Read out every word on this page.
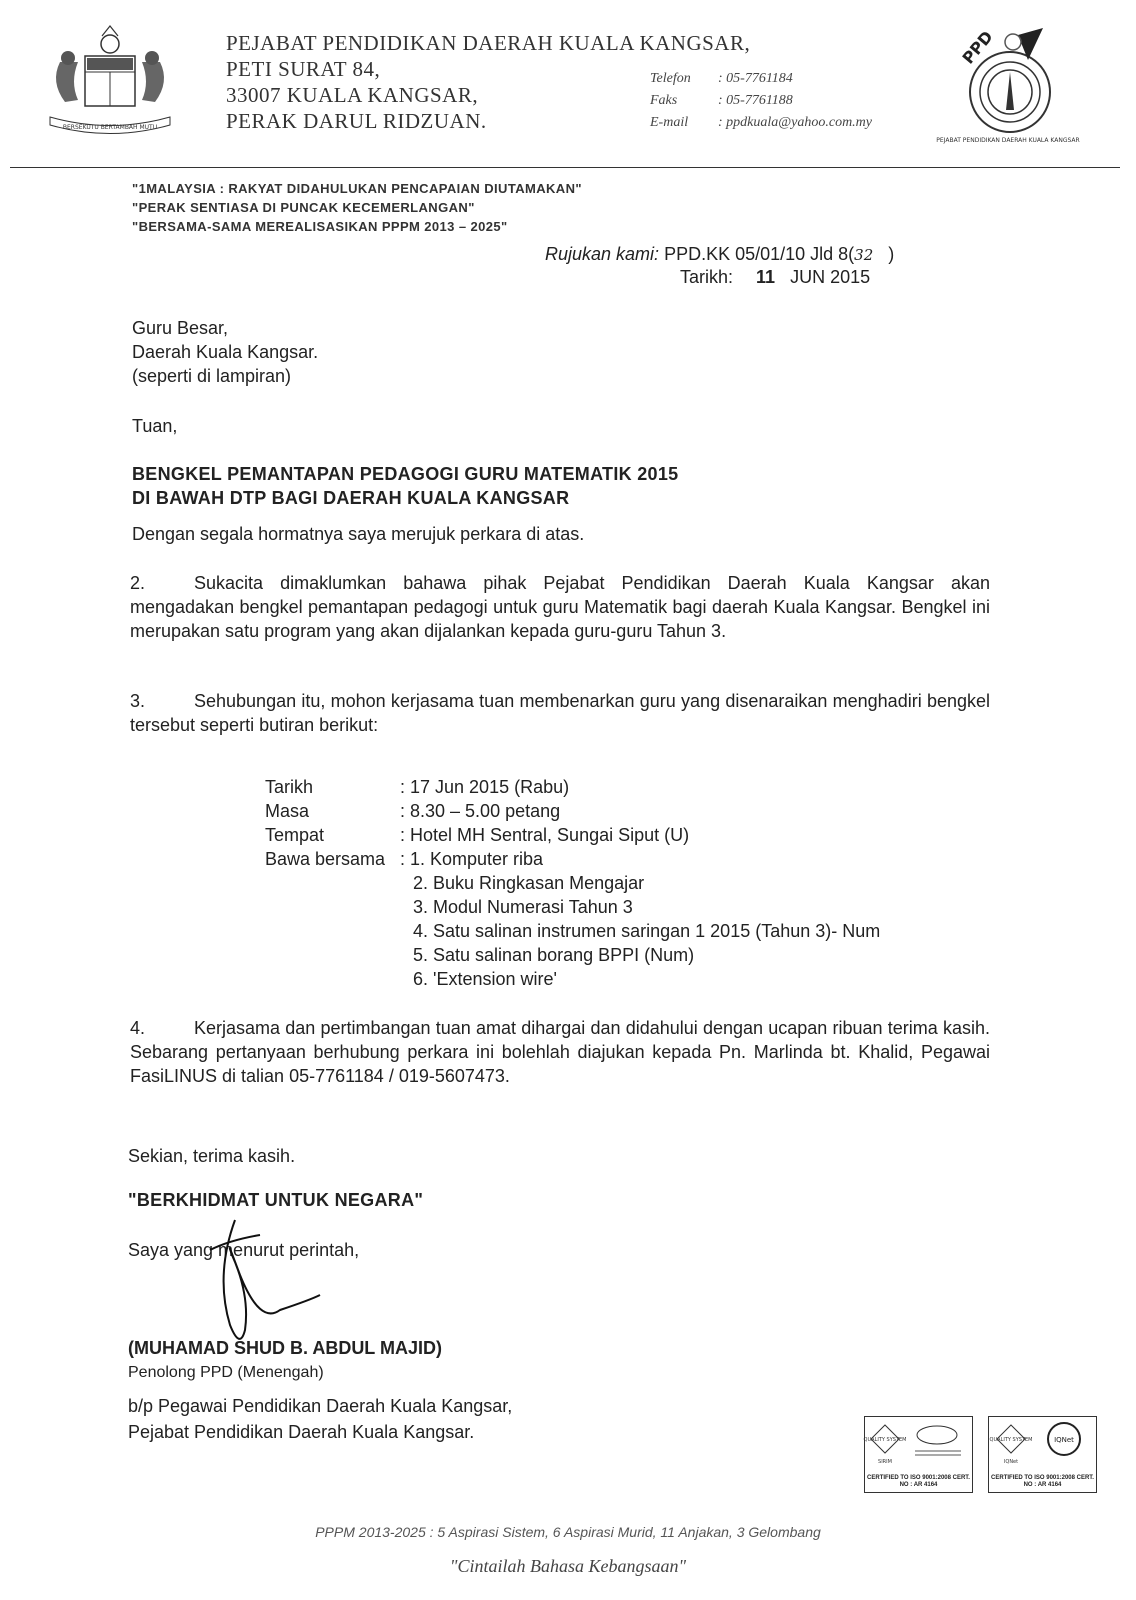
BERSEKUTU BERTAMBAH MUTU
PEJABAT PENDIDIKAN DAERAH KUALA KANGSAR,
PETI SURAT 84,
33007 KUALA KANGSAR,
PERAK DARUL RIDZUAN.
Telefon : 05-7761184
Faks	: 05-7761188
E-mail : ppdkuala@yahoo.com.my
PPD
PEJABAT PENDIDIKAN DAERAH KUALA KANGSAR
"1MALAYSIA : RAKYAT DIDAHULUKAN PENCAPAIAN DIUTAMAKAN"
"PERAK SENTIASA DI PUNCAK KECEMERLANGAN"
"BERSAMA-SAMA MEREALISASIKAN PPPM 2013 – 2025"
Rujukan kami: PPD.KK 05/01/10 Jld 8(32 )
Tarikh: 11 JUN 2015
Guru Besar,
Daerah Kuala Kangsar.
(seperti di lampiran)
Tuan,
BENGKEL PEMANTAPAN PEDAGOGI GURU MATEMATIK 2015
DI BAWAH DTP BAGI DAERAH KUALA KANGSAR
Dengan segala hormatnya saya merujuk perkara di atas.
2.	Sukacita dimaklumkan bahawa pihak Pejabat Pendidikan Daerah Kuala Kangsar akan mengadakan bengkel pemantapan pedagogi untuk guru Matematik bagi daerah Kuala Kangsar. Bengkel ini merupakan satu program yang akan dijalankan kepada guru-guru Tahun 3.
3.	Sehubungan itu, mohon kerjasama tuan membenarkan guru yang disenaraikan menghadiri bengkel tersebut seperti butiran berikut:
Tarikh	: 17 Jun 2015 (Rabu)
Masa	: 8.30 – 5.00 petang
Tempat	: Hotel MH Sentral, Sungai Siput (U)
Bawa bersama : 1. Komputer riba
2. Buku Ringkasan Mengajar
3. Modul Numerasi Tahun 3
4. Satu salinan instrumen saringan 1 2015 (Tahun 3)- Num
5. Satu salinan borang BPPI (Num)
6. 'Extension wire'
4.	Kerjasama dan pertimbangan tuan amat dihargai dan didahului dengan ucapan ribuan terima kasih. Sebarang pertanyaan berhubung perkara ini bolehlah diajukan kepada Pn. Marlinda bt. Khalid, Pegawai FasiLINUS di talian 05-7761184 / 019-5607473.
Sekian, terima kasih.
"BERKHIDMAT UNTUK NEGARA"
Saya yang menurut perintah,
(MUHAMAD SHUD B. ABDUL MAJID)
Penolong PPD (Menengah)
b/p Pegawai Pendidikan Daerah Kuala Kangsar,
Pejabat Pendidikan Daerah Kuala Kangsar.	QUALITY SYSTEM
SIRIM
CERTIFIED TO ISO 9001:2008 CERT. NO : AR 4164
QUALITY SYSTEM
IQNet
IQNet
CERTIFIED TO ISO 9001:2008 CERT. NO : AR 4164
PPPM 2013-2025 : 5 Aspirasi Sistem, 6 Aspirasi Murid, 11 Anjakan, 3 Gelombang
"Cintailah Bahasa Kebangsaan"
